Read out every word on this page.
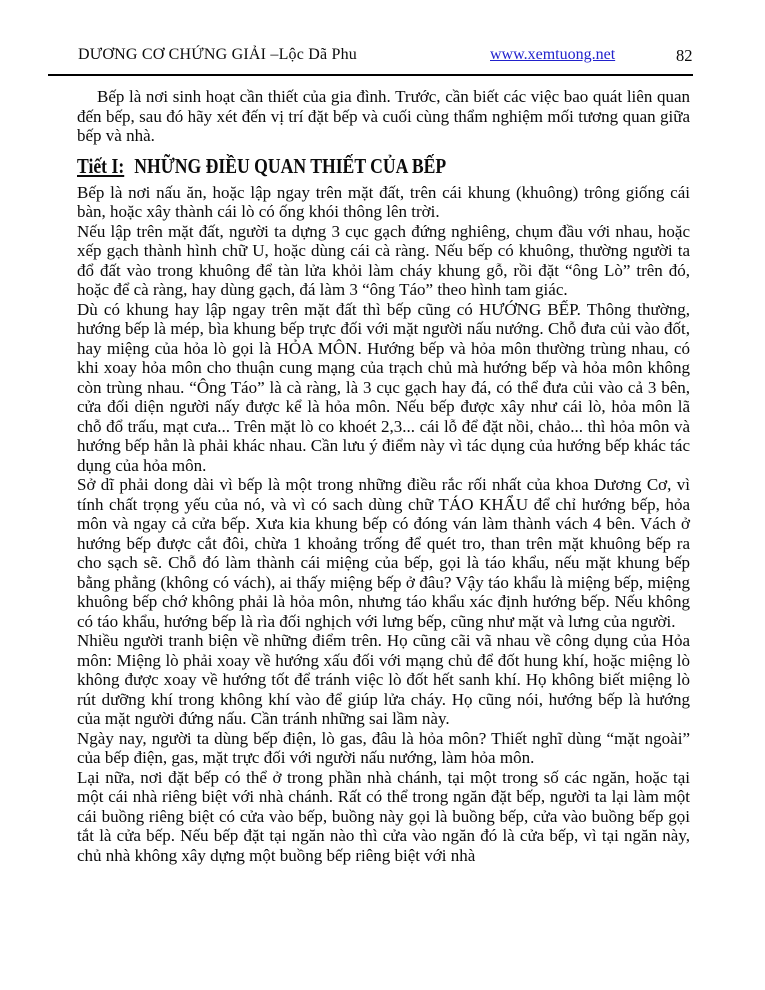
DƯƠNG CƠ CHỨNG GIẢI –Lộc Dã Phu	www.xemtuong.net	82

Bếp là nơi sinh hoạt cần thiết của gia đình. Trước, cần biết các việc bao quát liên quan đến bếp, sau đó hãy xét đến vị trí đặt bếp và cuối cùng thẩm nghiệm mối tương quan giữa bếp và nhà.

Tiết I: NHỮNG ĐIỀU QUAN THIẾT CỦA BẾP

Bếp là nơi nấu ăn, hoặc lập ngay trên mặt đất, trên cái khung (khuông) trông giống cái bàn, hoặc xây thành cái lò có ống khói thông lên trời.

Nếu lập trên mặt đất, người ta dựng 3 cục gạch đứng nghiêng, chụm đầu với nhau, hoặc xếp gạch thành hình chữ U, hoặc dùng cái cà ràng. Nếu bếp có khuông, thường người ta đổ đất vào trong khuông để tàn lửa khỏi làm cháy khung gỗ, rồi đặt “ông Lò” trên đó, hoặc để cà ràng, hay dùng gạch, đá làm 3 “ông Táo” theo hình tam giác.

Dù có khung hay lập ngay trên mặt đất thì bếp cũng có HƯỚNG BẾP. Thông thường, hướng bếp là mép, bìa khung bếp trực đối với mặt người nấu nướng. Chỗ đưa củi vào đốt, hay miệng của hỏa lò gọi là HỎA MÔN. Hướng bếp và hỏa môn thường trùng nhau, có khi xoay hỏa môn cho thuận cung mạng của trạch chủ mà hướng bếp và hỏa môn không còn trùng nhau. “Ông Táo” là cà ràng, là 3 cục gạch hay đá, có thể đưa củi vào cả 3 bên, cửa đối diện người nấy được kể là hỏa môn. Nếu bếp được xây như cái lò, hỏa môn lã chỗ đổ trấu, mạt cưa... Trên mặt lò co khoét 2,3... cái lỗ để đặt nồi, chảo... thì hỏa môn và hướng bếp hẳn là phải khác nhau. Cần lưu ý điểm này vì tác dụng của hướng bếp khác tác dụng của hỏa môn.

Sở dĩ phải dong dài vì bếp là một trong những điều rắc rối nhất của khoa Dương Cơ, vì tính chất trọng yếu của nó, và vì có sach dùng chữ TÁO KHẨU để chỉ hướng bếp, hỏa môn và ngay cả cửa bếp. Xưa kia khung bếp có đóng ván làm thành vách 4 bên. Vách ở hướng bếp được cắt đôi, chừa 1 khoảng trống để quét tro, than trên mặt khuông bếp ra cho sạch sẽ. Chỗ đó làm thành cái miệng của bếp, gọi là táo khẩu, nếu mặt khung bếp bằng phẳng (không có vách), ai thấy miệng bếp ở đâu? Vậy táo khẩu là miệng bếp, miệng khuông bếp chớ không phải là hỏa môn, nhưng táo khẩu xác định hướng bếp. Nếu không có táo khẩu, hướng bếp là rìa đối nghịch với lưng bếp, cũng như mặt và lưng của người.

Nhiều người tranh biện về những điểm trên. Họ cũng cãi vã nhau về công dụng của Hỏa môn: Miệng lò phải xoay về hướng xấu đối với mạng chủ để đốt hung khí, hoặc miệng lò không được xoay về hướng tốt để tránh việc lò đốt hết sanh khí. Họ không biết miệng lò rút dưỡng khí trong không khí vào để giúp lửa cháy. Họ cũng nói, hướng bếp là hướng của mặt người đứng nấu. Cần tránh những sai lầm này.

Ngày nay, người ta dùng bếp điện, lò gas, đâu là hỏa môn? Thiết nghĩ dùng “mặt ngoài” của bếp điện, gas, mặt trực đối với người nấu nướng, làm hỏa môn.

Lại nữa, nơi đặt bếp có thể ở trong phần nhà chánh, tại một trong số các ngăn, hoặc tại một cái nhà riêng biệt với nhà chánh. Rất có thể trong ngăn đặt bếp, người ta lại làm một cái buồng riêng biệt có cửa vào bếp, buồng này gọi là buồng bếp, cửa vào buồng bếp gọi tắt là cửa bếp. Nếu bếp đặt tại ngăn nào thì cửa vào ngăn đó là cửa bếp, vì tại ngăn này, chủ nhà không xây dựng một buồng bếp riêng biệt với nhà
